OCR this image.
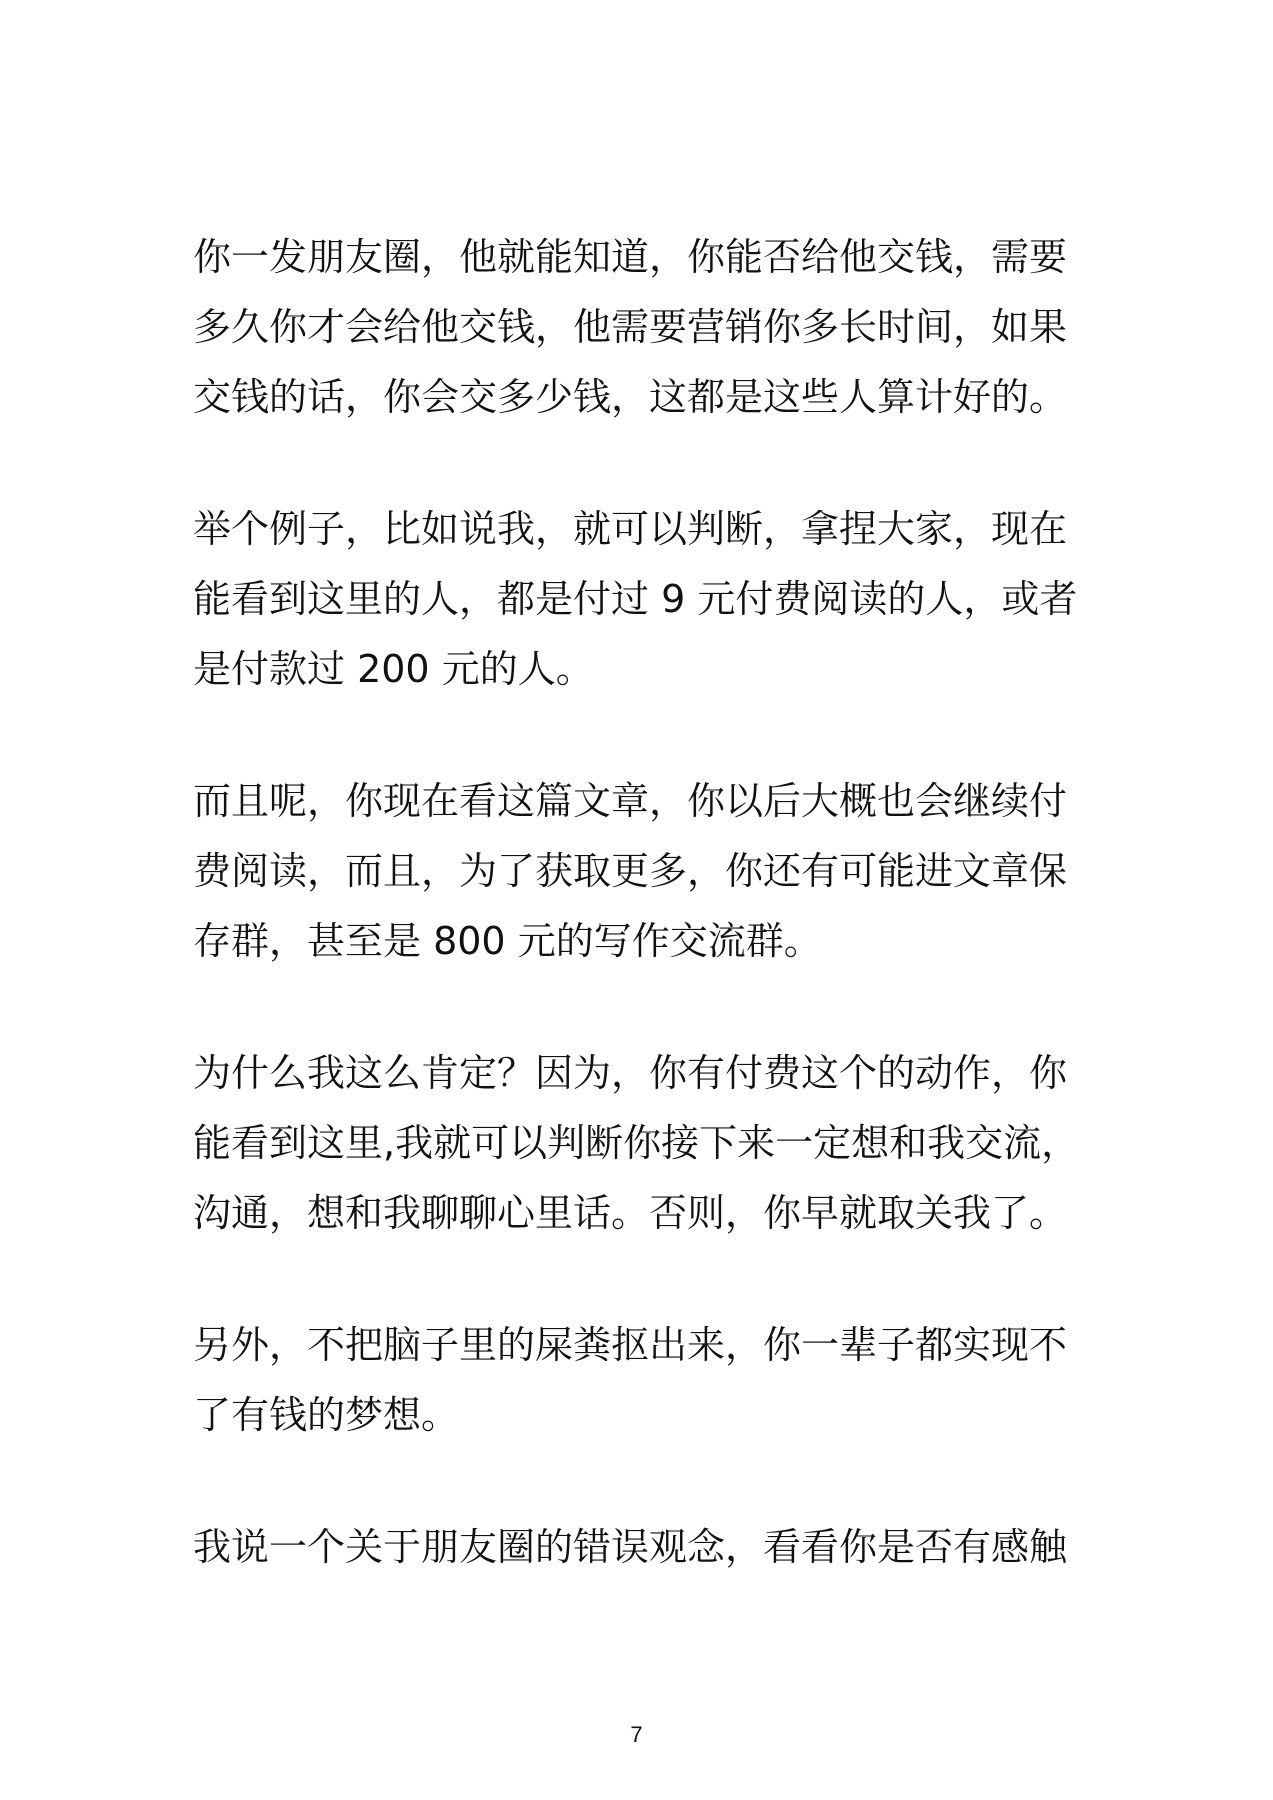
你一发朋友圈，他就能知道，你能否给他交钱，需要
多久你才会给他交钱，他需要营销你多长时间，如果
交钱的话，你会交多少钱，这都是这些人算计好的。
举个例子，比如说我，就可以判断，拿捏大家，现在
能看到这里的人，都是付过 9 元付费阅读的人，或者
是付款过 200 元的人。
而且呢，你现在看这篇文章，你以后大概也会继续付
费阅读，而且，为了获取更多，你还有可能进文章保
存群，甚至是 800 元的写作交流群。
为什么我这么肯定？因为，你有付费这个的动作，你
能看到这里,我就可以判断你接下来一定想和我交流，
沟通，想和我聊聊心里话。否则，你早就取关我了。
另外，不把脑子里的屎粪抠出来，你一辈子都实现不
了有钱的梦想。
我说一个关于朋友圈的错误观念，看看你是否有感触
7
